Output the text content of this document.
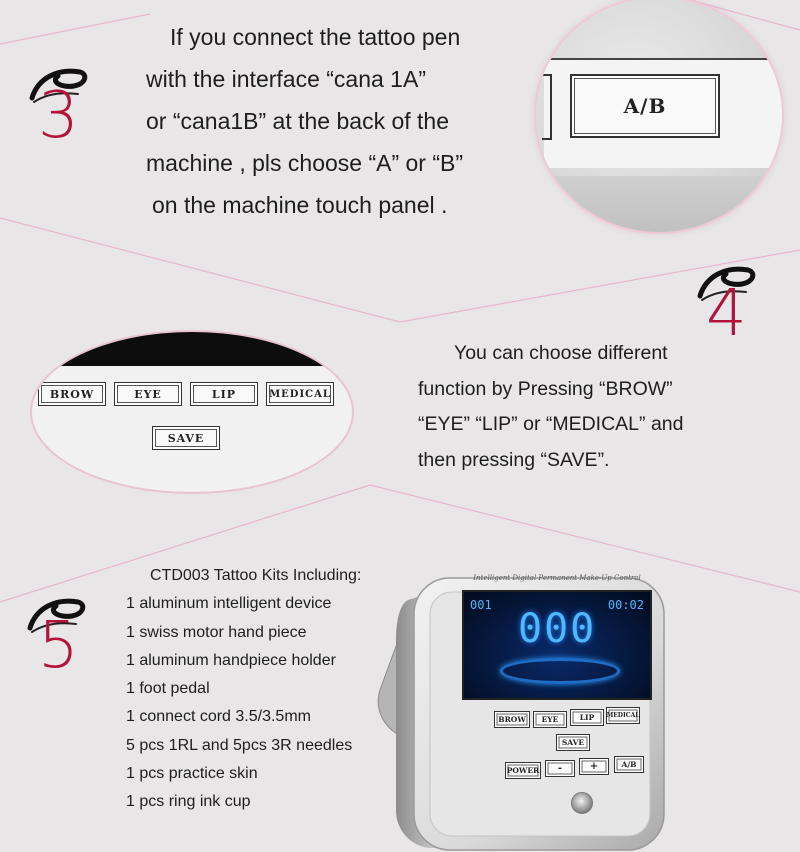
3
If you connect the tattoo pen
with the interface “cana 1A”
or “cana1B” at the back of the
machine , pls choose “A” or “B”
on the machine touch panel .
A/B
4
BROW	EYE	LIP	MEDICAL
SAVE
You can choose different
function by Pressing “BROW”
“EYE” “LIP” or “MEDICAL” and
then pressing “SAVE”.
5
CTD003 Tattoo Kits Including:
1 aluminum intelligent device
1 swiss motor hand piece
1 aluminum handpiece holder
1 foot pedal
1 connect cord 3.5/3.5mm
5 pcs 1RL and 5pcs 3R needles
1 pcs practice skin
1 pcs ring ink cup
Intelligent Digital Permanent Make-Up Control
001	00:02
000
BROW	EYE	LIP	MEDICAL
SAVE
POWER	-	+	A/B
